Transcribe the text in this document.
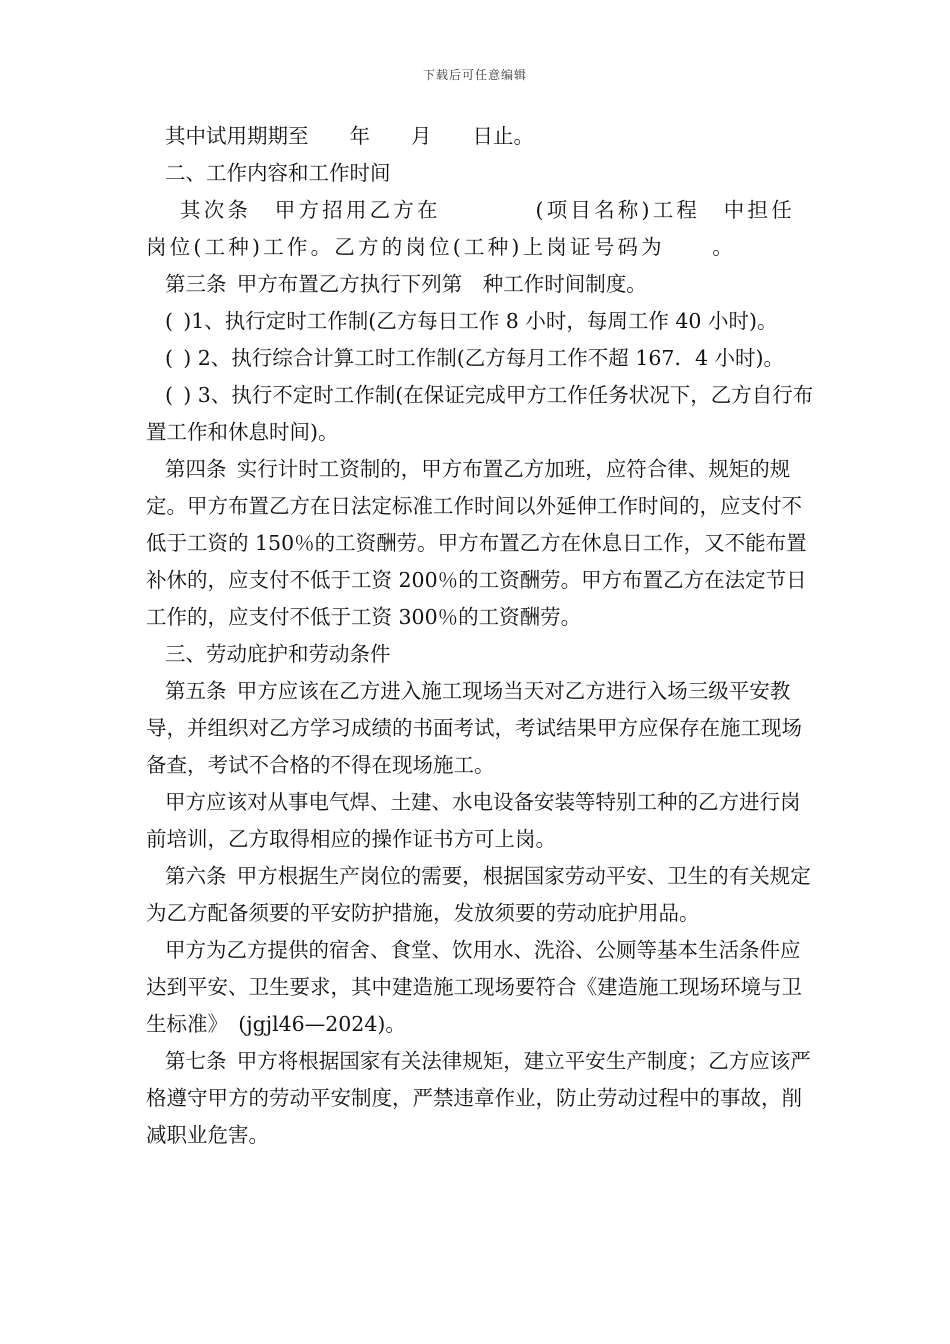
下载后可任意编辑

其中试用期期至　　年　　月　　日止。

二、工作内容和工作时间

其次条　甲方招用乙方在　　　　(项目名称)工程　中担任岗位(工种)工作。乙方的岗位(工种)上岗证号码为　　。

第三条 甲方布置乙方执行下列第　种工作时间制度。

( )1、执行定时工作制(乙方每日工作 8 小时，每周工作 40 小时)。

( ) 2、执行综合计算工时工作制(乙方每月工作不超 167．4 小时)。

( ) 3、执行不定时工作制(在保证完成甲方工作任务状况下，乙方自行布置工作和休息时间)。

第四条 实行计时工资制的，甲方布置乙方加班，应符合律、规矩的规定。甲方布置乙方在日法定标准工作时间以外延伸工作时间的，应支付不低于工资的 150％的工资酬劳。甲方布置乙方在休息日工作，又不能布置补休的，应支付不低于工资 200％的工资酬劳。甲方布置乙方在法定节日工作的，应支付不低于工资 300％的工资酬劳。

三、劳动庇护和劳动条件

第五条 甲方应该在乙方进入施工现场当天对乙方进行入场三级平安教导，并组织对乙方学习成绩的书面考试，考试结果甲方应保存在施工现场备查，考试不合格的不得在现场施工。

甲方应该对从事电气焊、土建、水电设备安装等特别工种的乙方进行岗前培训，乙方取得相应的操作证书方可上岗。

第六条 甲方根据生产岗位的需要，根据国家劳动平安、卫生的有关规定为乙方配备须要的平安防护措施，发放须要的劳动庇护用品。

甲方为乙方提供的宿舍、食堂、饮用水、洗浴、公厕等基本生活条件应达到平安、卫生要求，其中建造施工现场要符合《建造施工现场环境与卫生标准》 (jgjl46—2024)。

第七条 甲方将根据国家有关法律规矩，建立平安生产制度；乙方应该严格遵守甲方的劳动平安制度，严禁违章作业，防止劳动过程中的事故，削减职业危害。
